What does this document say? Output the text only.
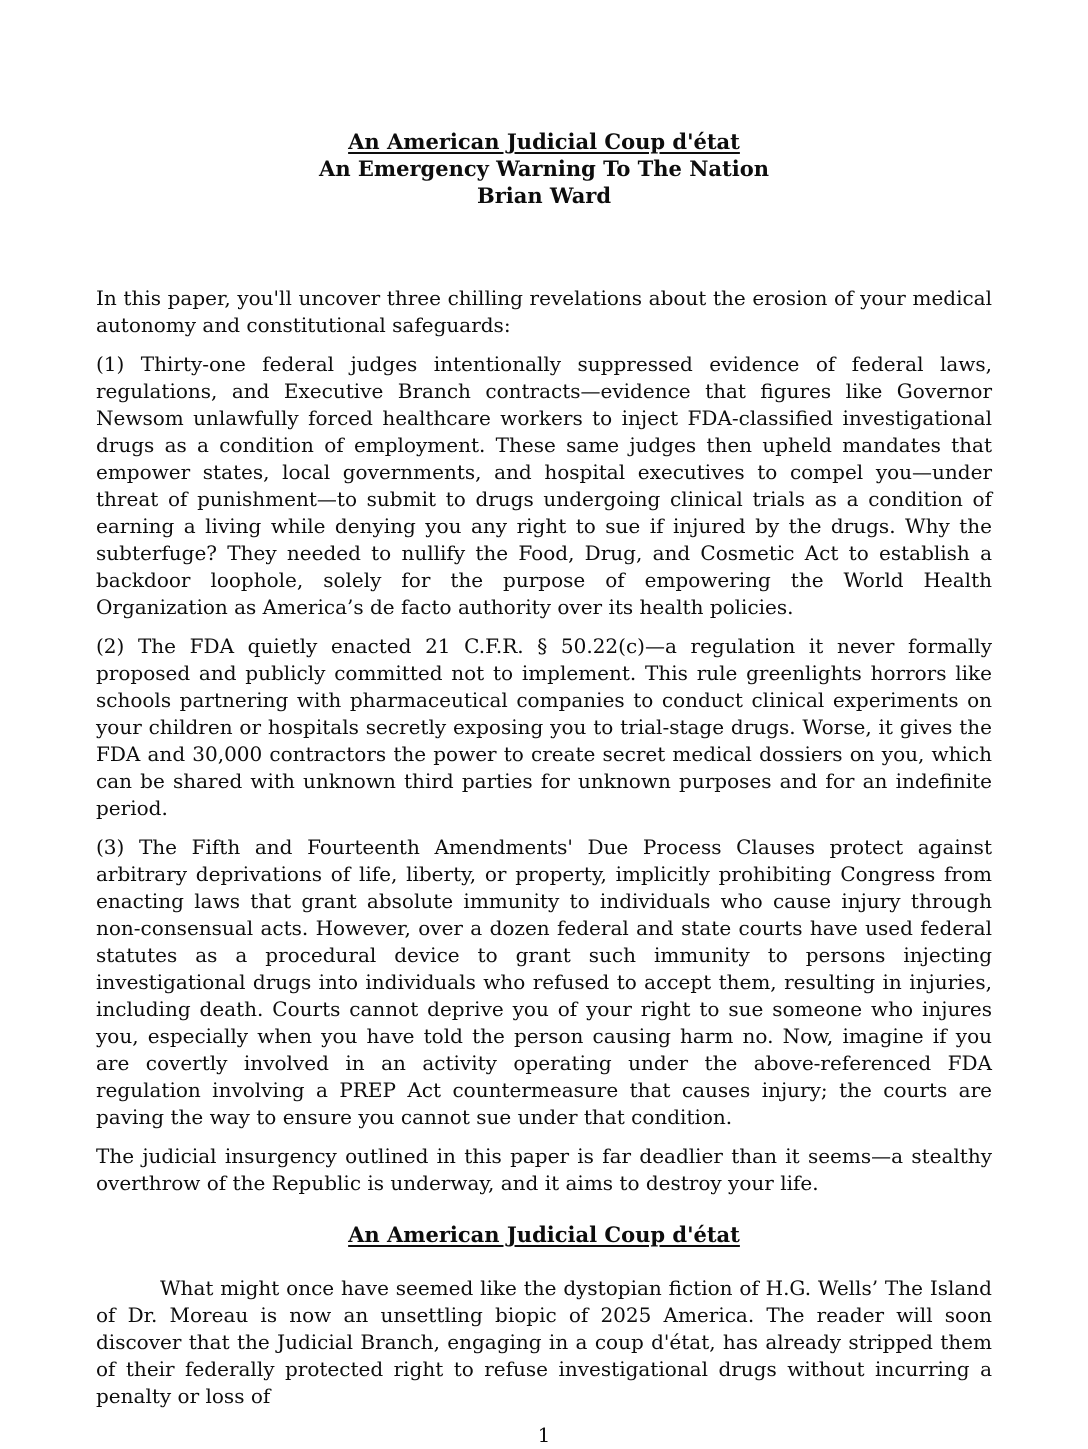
An American Judicial Coup d'état
An Emergency Warning To The Nation
Brian Ward

In this paper, you'll uncover three chilling revelations about the erosion of your medical autonomy and constitutional safeguards:

(1) Thirty-one federal judges intentionally suppressed evidence of federal laws, regulations, and Executive Branch contracts—evidence that figures like Governor Newsom unlawfully forced healthcare workers to inject FDA-classified investigational drugs as a condition of employment. These same judges then upheld mandates that empower states, local governments, and hospital executives to compel you—under threat of punishment—to submit to drugs undergoing clinical trials as a condition of earning a living while denying you any right to sue if injured by the drugs. Why the subterfuge? They needed to nullify the Food, Drug, and Cosmetic Act to establish a backdoor loophole, solely for the purpose of empowering the World Health Organization as America’s de facto authority over its health policies.

(2) The FDA quietly enacted 21 C.F.R. § 50.22(c)—a regulation it never formally proposed and publicly committed not to implement. This rule greenlights horrors like schools partnering with pharmaceutical companies to conduct clinical experiments on your children or hospitals secretly exposing you to trial-stage drugs. Worse, it gives the FDA and 30,000 contractors the power to create secret medical dossiers on you, which can be shared with unknown third parties for unknown purposes and for an indefinite period.

(3) The Fifth and Fourteenth Amendments' Due Process Clauses protect against arbitrary deprivations of life, liberty, or property, implicitly prohibiting Congress from enacting laws that grant absolute immunity to individuals who cause injury through non-consensual acts. However, over a dozen federal and state courts have used federal statutes as a procedural device to grant such immunity to persons injecting investigational drugs into individuals who refused to accept them, resulting in injuries, including death. Courts cannot deprive you of your right to sue someone who injures you, especially when you have told the person causing harm no. Now, imagine if you are covertly involved in an activity operating under the above-referenced FDA regulation involving a PREP Act countermeasure that causes injury; the courts are paving the way to ensure you cannot sue under that condition.

The judicial insurgency outlined in this paper is far deadlier than it seems—a stealthy overthrow of the Republic is underway, and it aims to destroy your life.

An American Judicial Coup d'état

What might once have seemed like the dystopian fiction of H.G. Wells’ The Island of Dr. Moreau is now an unsettling biopic of 2025 America. The reader will soon discover that the Judicial Branch, engaging in a coup d'état, has already stripped them of their federally protected right to refuse investigational drugs without incurring a penalty or loss of

1
